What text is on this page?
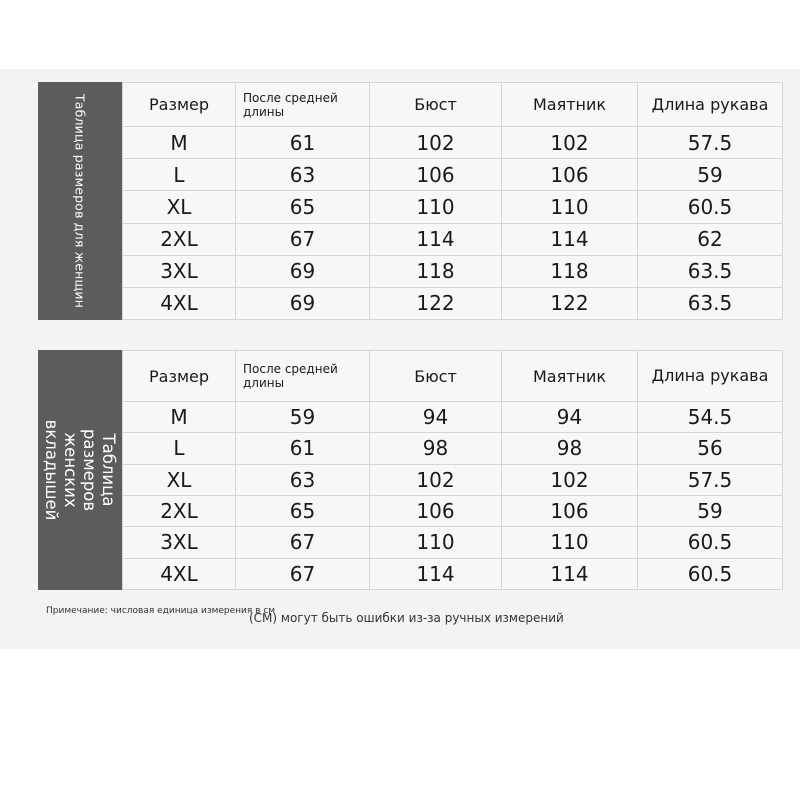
Таблица размеров для женщин	Размер	После средней длины	Бюст	Маятник	Длина рукава
M	61	102	102	57.5
L	63	106	106	59
XL	65	110	110	60.5
2XL	67	114	114	62
3XL	69	118	118	63.5
4XL	69	122	122	63.5
Таблица размеров
женских вкладышей
Размер	После средней длины	Бюст	Маятник	Длина рукава
M	59	94	94	54.5
L	61	98	98	56
XL	63	102	102	57.5
2XL	65	106	106	59
3XL	67	110	110	60.5
4XL	67	114	114	60.5
Примечание: числовая единица измерения в см
(CM) могут быть ошибки из-за ручных измерений
